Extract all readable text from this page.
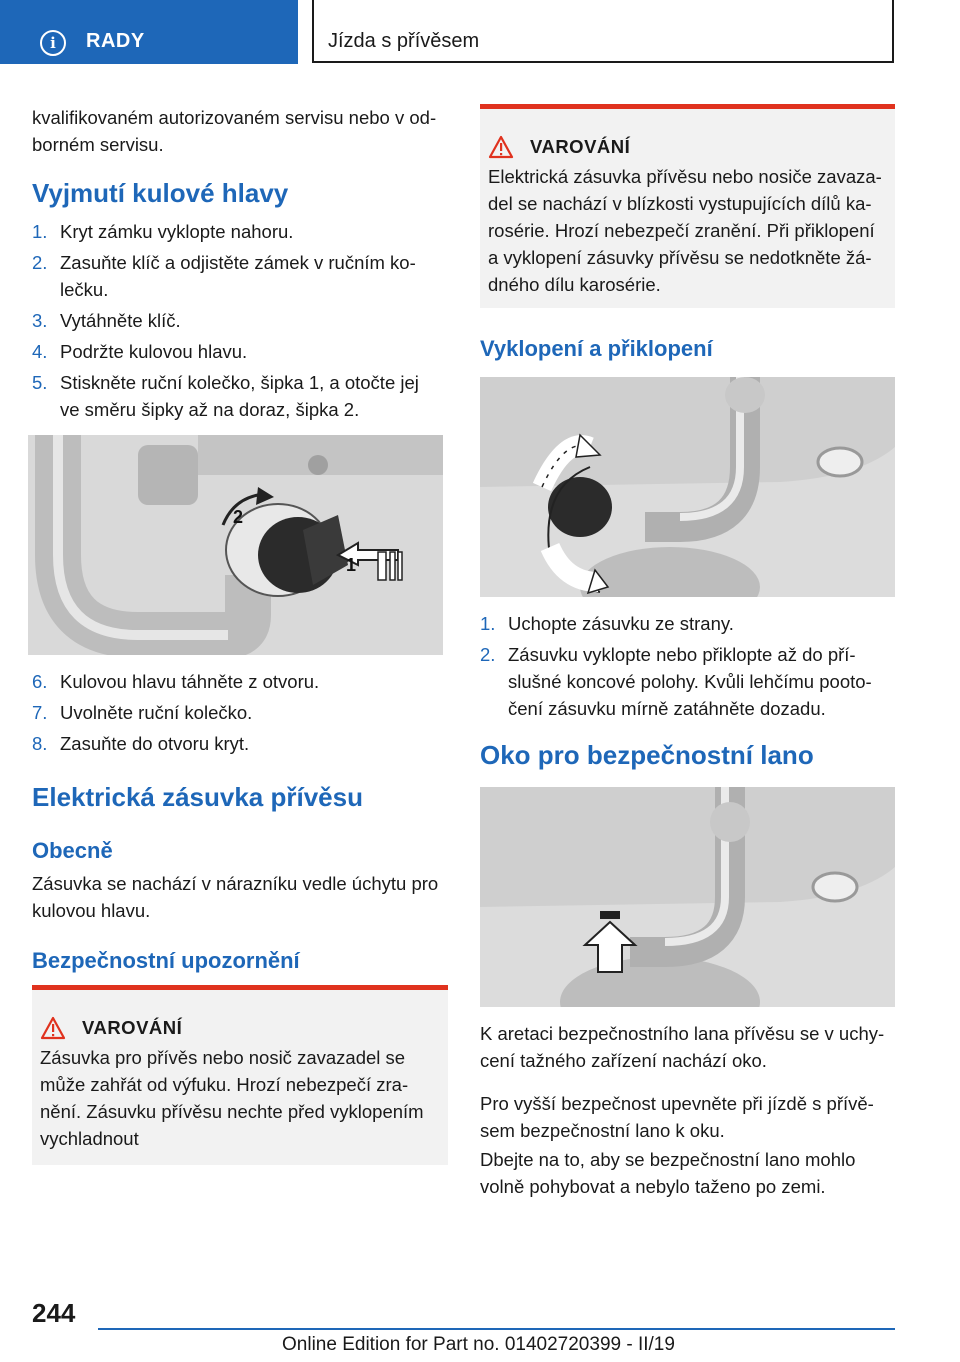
i	RADY	Jízda s přívěsem

kvalifikovaném autorizovaném servisu nebo v odborném servisu.

Vyjmutí kulové hlavy
1. Kryt zámku vyklopte nahoru.
2. Zasuňte klíč a odjistěte zámek v ručním kolečku.
3. Vytáhněte klíč.
4. Podržte kulovou hlavu.
5. Stiskněte ruční kolečko, šipka 1, a otočte jej ve směru šipky až na doraz, šipka 2.
1
2
6. Kulovou hlavu táhněte z otvoru.
7. Uvolněte ruční kolečko.
8. Zasuňte do otvoru kryt.
Elektrická zásuvka přívěsu
Obecně

Zásuvka se nachází v nárazníku vedle úchytu pro kulovou hlavu.

Bezpečnostní upozornění
VAROVÁNÍ
Zásuvka pro přívěs nebo nosič zavazadel se může zahřát od výfuku. Hrozí nebezpečí zranění. Zásuvku přívěsu nechte před vyklopením vychladnout
VAROVÁNÍ
Elektrická zásuvka přívěsu nebo nosiče zavazadel se nachází v blízkosti vystupujících dílů karosérie. Hrozí nebezpečí zranění. Při přiklopení a vyklopení zásuvky přívěsu se nedotkněte žádného dílu karosérie.
Vyklopení a přiklopení
1. Uchopte zásuvku ze strany.
2. Zásuvku vyklopte nebo přiklopte až do příslušné koncové polohy. Kvůli lehčímu pootočení zásuvku mírně zatáhněte dozadu.
Oko pro bezpečnostní lano

K aretaci bezpečnostního lana přívěsu se v uchycení tažného zařízení nachází oko.

Pro vyšší bezpečnost upevněte při jízdě s přívěsem bezpečnostní lano k oku.

Dbejte na to, aby se bezpečnostní lano mohlo volně pohybovat a nebylo taženo po zemi.

244
Online Edition for Part no. 01402720399 - II/19
